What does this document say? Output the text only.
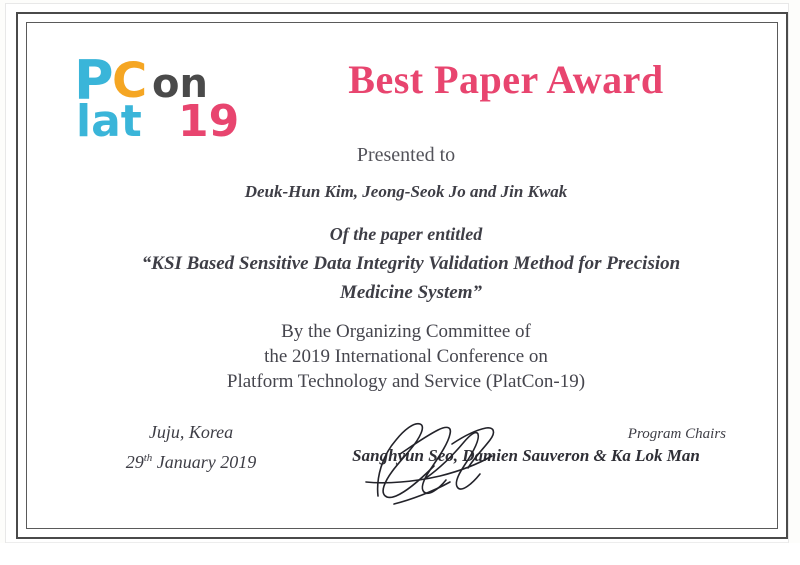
P
C on
lat 19
Best Paper Award
Presented to
Deuk-Hun Kim, Jeong-Seok Jo and Jin Kwak
Of the paper entitled
“KSI Based Sensitive Data Integrity Validation Method for Precision
Medicine System”
By the Organizing Committee of
the 2019 International Conference on
Platform Technology and Service (PlatCon-19)
Juju, Korea
29th January 2019
Program Chairs
Sanghyun Seo, Damien Sauveron & Ka Lok Man
